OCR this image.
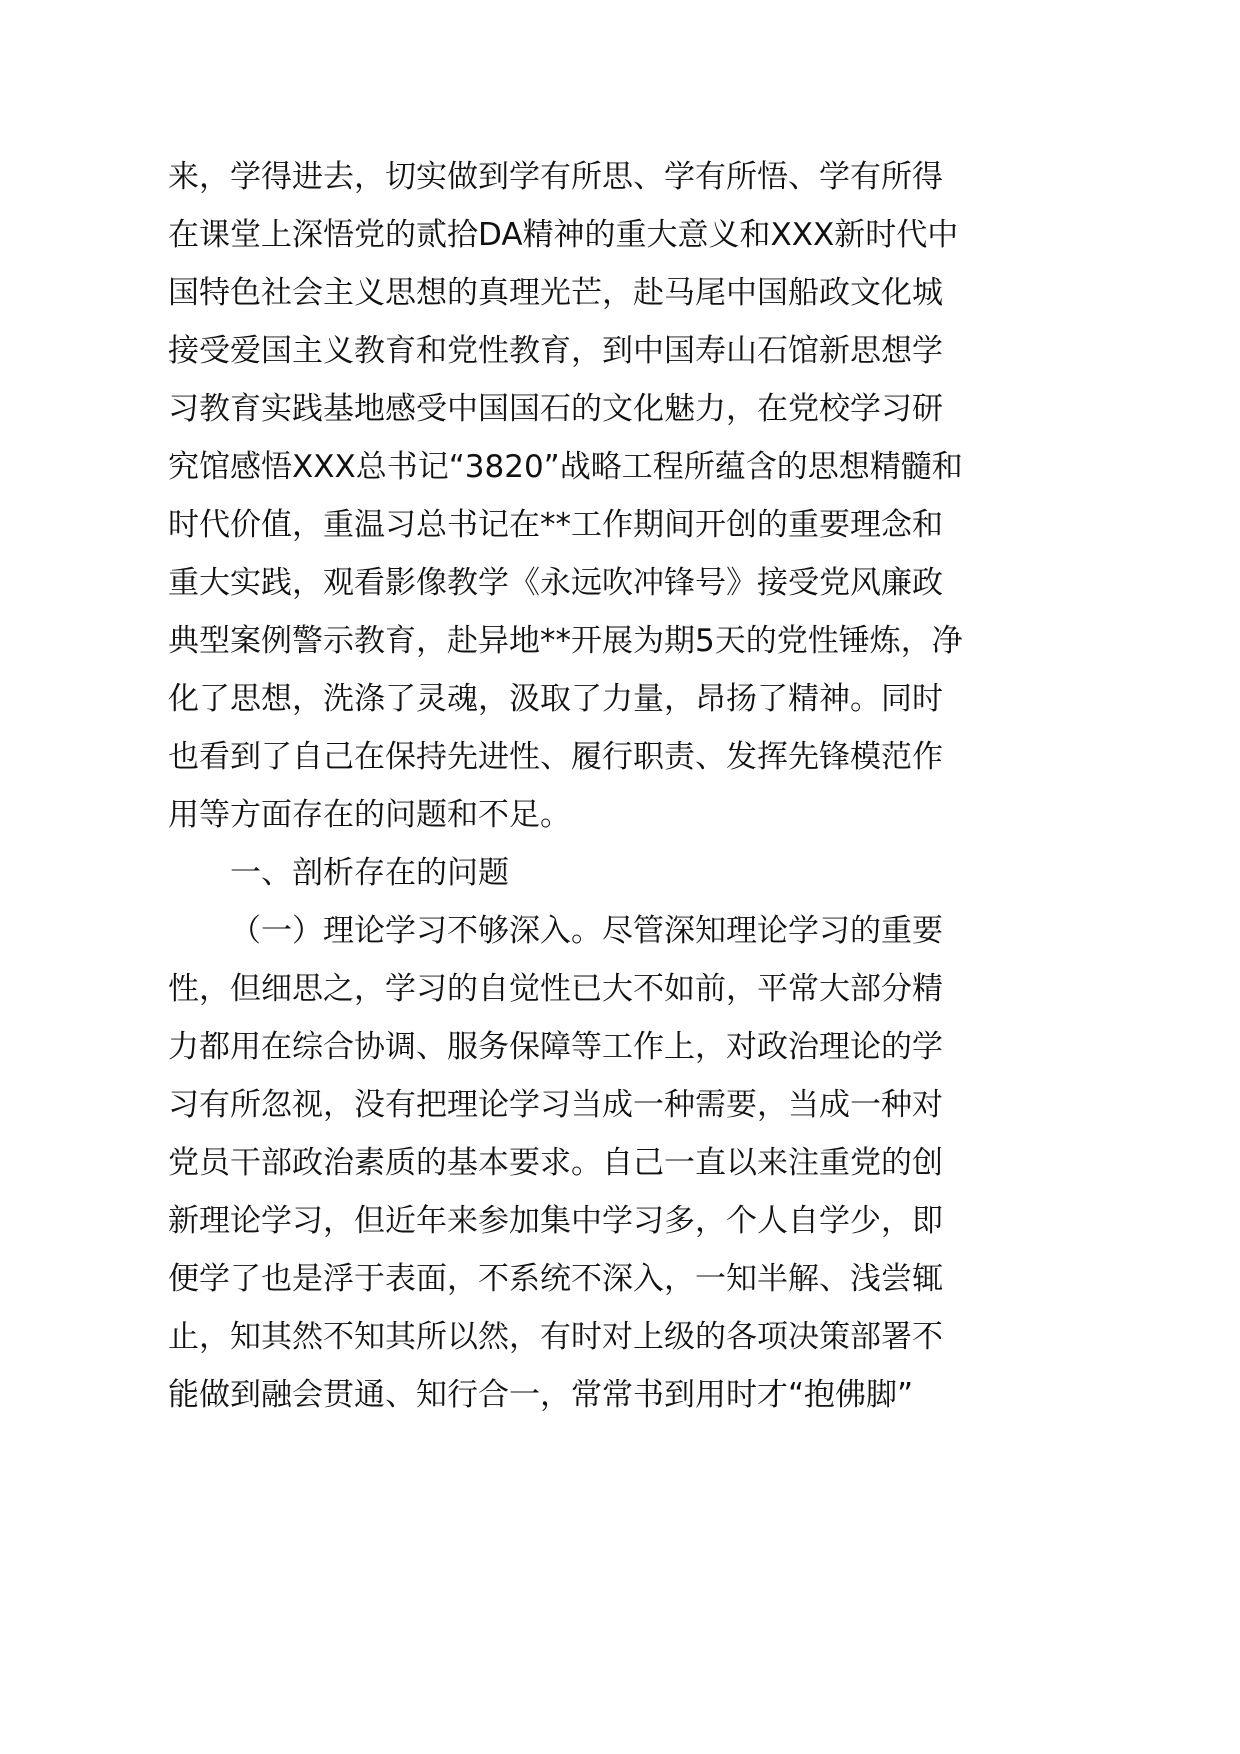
来，学得进去，切实做到学有所思、学有所悟、学有所得
在课堂上深悟党的贰拾DA精神的重大意义和XXX新时代中
国特色社会主义思想的真理光芒，赴马尾中国船政文化城
接受爱国主义教育和党性教育，到中国寿山石馆新思想学
习教育实践基地感受中国国石的文化魅力，在党校学习研
究馆感悟XXX总书记“3820”战略工程所蕴含的思想精髓和
时代价值，重温习总书记在**工作期间开创的重要理念和
重大实践，观看影像教学《永远吹冲锋号》接受党风廉政
典型案例警示教育，赴异地**开展为期5天的党性锤炼，净
化了思想，洗涤了灵魂，汲取了力量，昂扬了精神。同时
也看到了自己在保持先进性、履行职责、发挥先锋模范作
用等方面存在的问题和不足。
一、剖析存在的问题
（一）理论学习不够深入。尽管深知理论学习的重要
性，但细思之，学习的自觉性已大不如前，平常大部分精
力都用在综合协调、服务保障等工作上，对政治理论的学
习有所忽视，没有把理论学习当成一种需要，当成一种对
党员干部政治素质的基本要求。自己一直以来注重党的创
新理论学习，但近年来参加集中学习多，个人自学少，即
便学了也是浮于表面，不系统不深入，一知半解、浅尝辄
止，知其然不知其所以然，有时对上级的各项决策部署不
能做到融会贯通、知行合一，常常书到用时才“抱佛脚”
